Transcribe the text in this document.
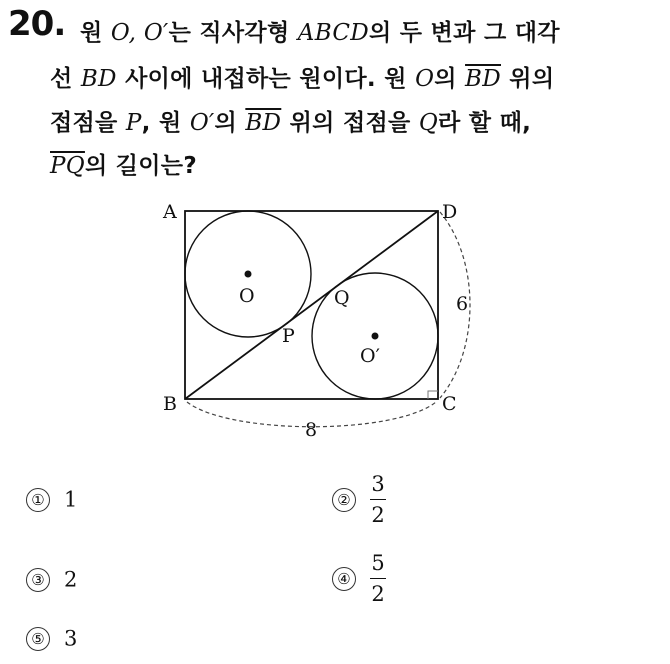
20. 원 O, O′는 직사각형 ABCD의 두 변과 그 대각
선 BD 사이에 내접하는 원이다. 원 O의 $\overline{BD}$ 위의
접점을 P, 원 O′의 $\overline{BD}$ 위의 접점을 Q라 할 때,
$\overline{PQ}$의 길이는?
A
B	C
D
O
O′
P
Q	6
8
① 1	② $\frac{3}{2}$
③ 2	④ $\frac{5}{2}$
⑤ 3
